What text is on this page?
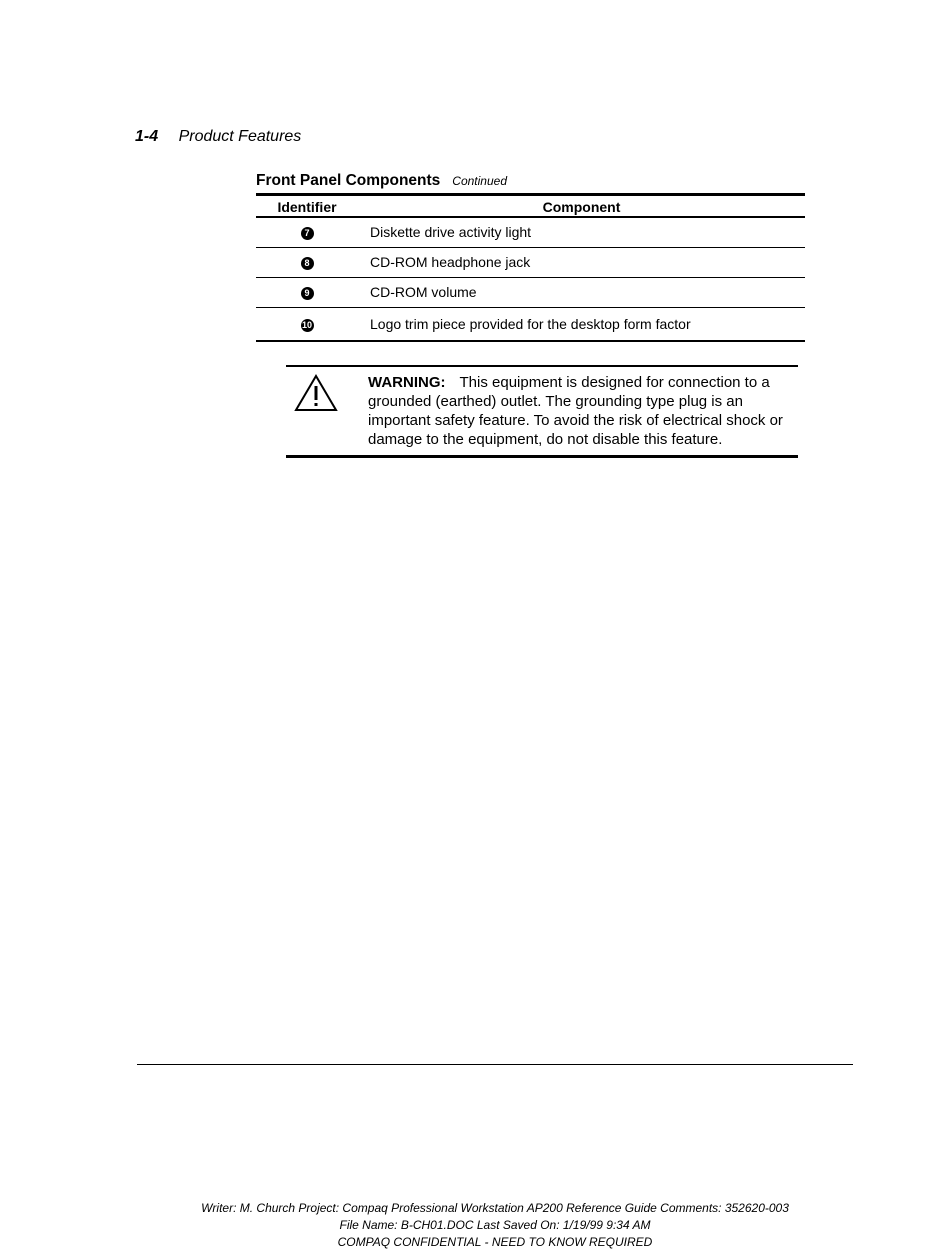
1-4 Product Features
Front Panel Components Continued
Identifier	Component
7	Diskette drive activity light
8	CD-ROM headphone jack
9	CD-ROM volume
10	Logo trim piece provided for the desktop form factor
WARNING: This equipment is designed for connection to a grounded (earthed) outlet. The grounding type plug is an important safety feature. To avoid the risk of electrical shock or damage to the equipment, do not disable this feature.
Writer: M. Church Project: Compaq Professional Workstation AP200 Reference Guide Comments: 352620-003
File Name: B-CH01.DOC Last Saved On: 1/19/99 9:34 AM
COMPAQ CONFIDENTIAL - NEED TO KNOW REQUIRED
